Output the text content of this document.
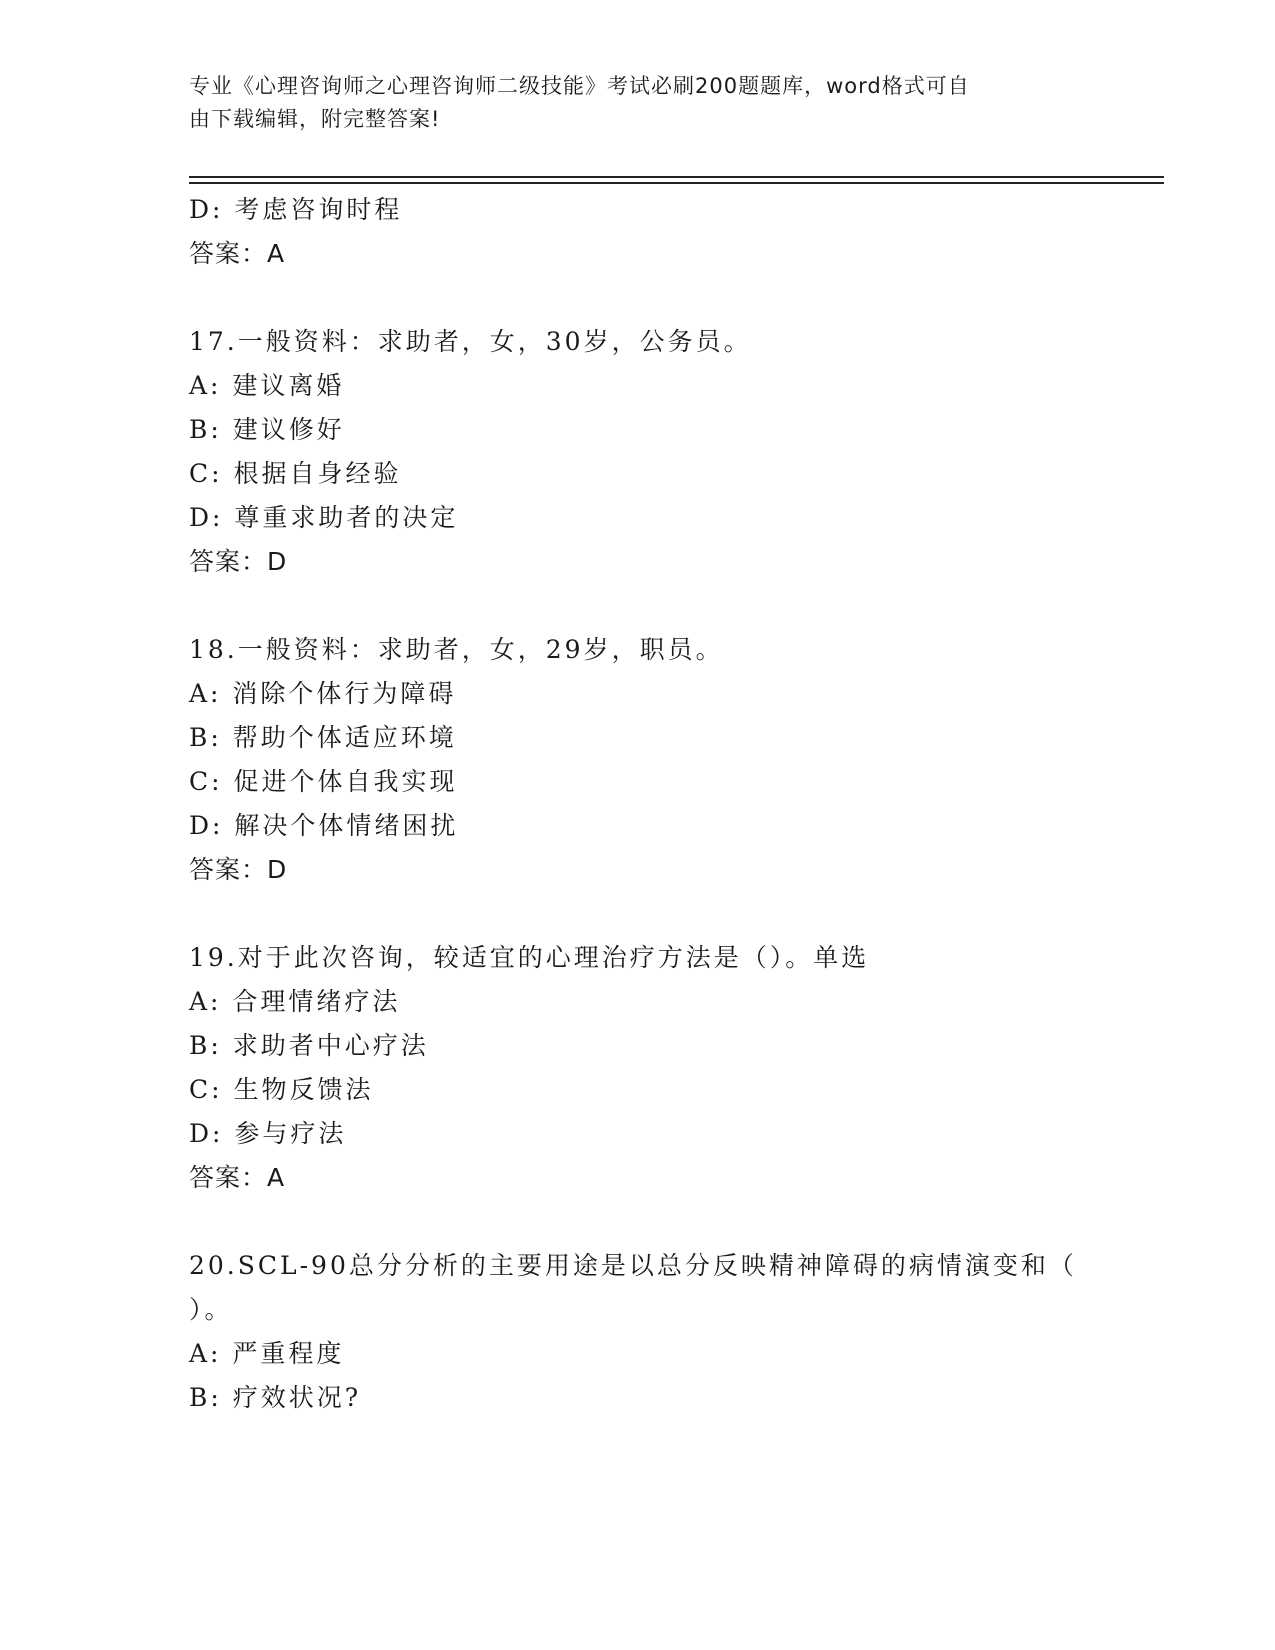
专业《心理咨询师之心理咨询师二级技能》考试必刷200题题库，word格式可自
由下载编辑，附完整答案!
D: 考虑咨询时程
答案：A
17.一般资料：求助者，女，30岁，公务员。
A: 建议离婚
B: 建议修好
C: 根据自身经验
D: 尊重求助者的决定
答案：D
18.一般资料：求助者，女，29岁，职员。
A: 消除个体行为障碍
B: 帮助个体适应环境
C: 促进个体自我实现
D: 解决个体情绪困扰
答案：D
19.对于此次咨询，较适宜的心理治疗方法是（）。单选
A: 合理情绪疗法
B: 求助者中心疗法
C: 生物反馈法
D: 参与疗法
答案：A
20.SCL-90总分分析的主要用途是以总分反映精神障碍的病情演变和（
）。
A: 严重程度
B: 疗效状况?
